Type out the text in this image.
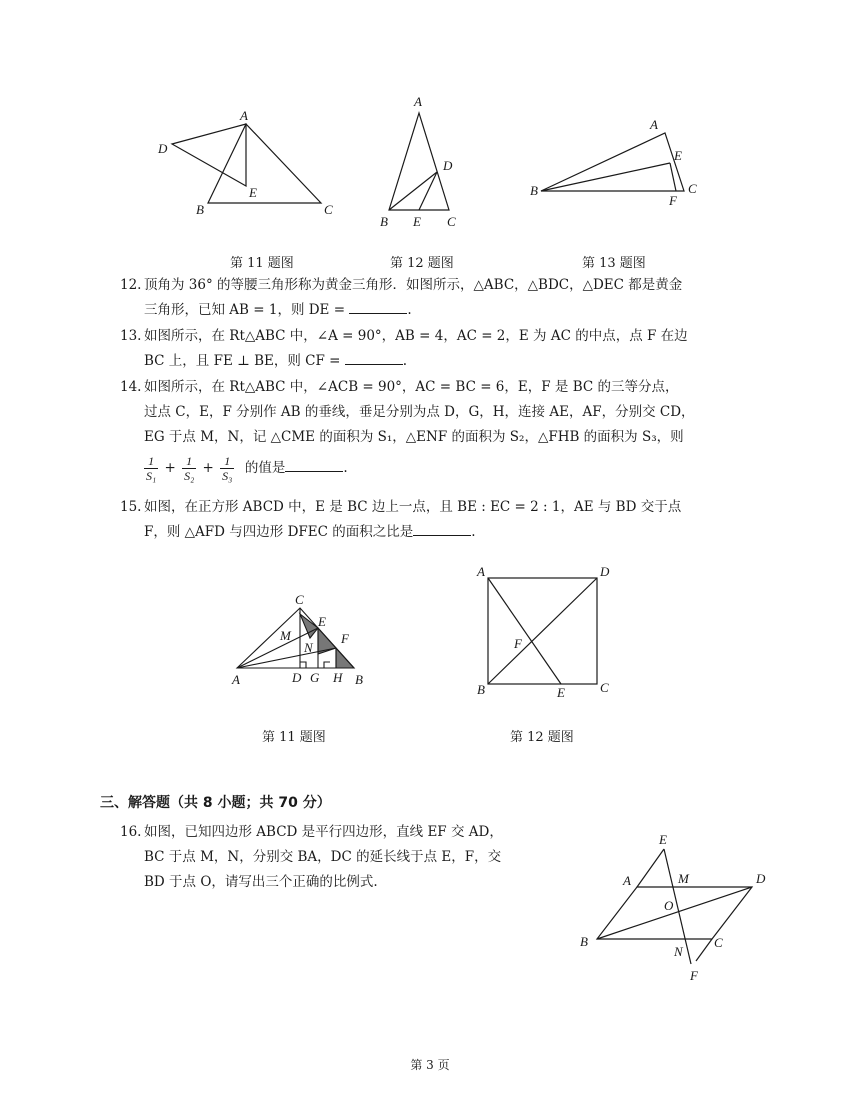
A
D
E
B	C
A
D
B E C
A
E
B	C
F
第 11 题图	第 12 题图	第 13 题图
12. 顶角为 36° 的等腰三角形称为黄金三角形．如图所示，△ABC，△BDC，△DEC 都是黄金
三角形，已知 AB = 1，则 DE =	.
13. 如图所示，在 Rt△ABC 中，∠A = 90°，AB = 4，AC = 2，E 为 AC 的中点，点 F 在边
BC 上，且 FE ⊥ BE，则 CF =	.
14. 如图所示，在 Rt△ABC 中，∠ACB = 90°，AC = BC = 6，E，F 是 BC 的三等分点，
过点 C，E，F 分别作 AB 的垂线，垂足分别为点 D，G，H，连接 AE，AF，分别交 CD，
EG 于点 M，N，记 △CME 的面积为 S₁，△ENF 的面积为 S₂，△FHB 的面积为 S₃，则
$\frac{1}{\text{S₁}} + \frac{1}{\text{S₂}} + \frac{1}{\text{S₃}}$ 的值是	.
15. 如图，在正方形 ABCD 中，E 是 BC 边上一点，且 BE : EC = 2 : 1，AE 与 BD 交于点
F，则 △AFD 与四边形 DFEC 的面积之比是	.
C
E
M	F
N
A	D G H B
A	D
F
B	E	C
第 11 题图	第 12 题图
三、解答题（共 8 小题；共 70 分）
16. 如图，已知四边形 ABCD 是平行四边形，直线 EF 交 AD，
BC 于点 M，N，分别交 BA，DC 的延长线于点 E，F，交
BD 于点 O，请写出三个正确的比例式.
E
A	M	D
O
B
N
C
F
第 3 页
